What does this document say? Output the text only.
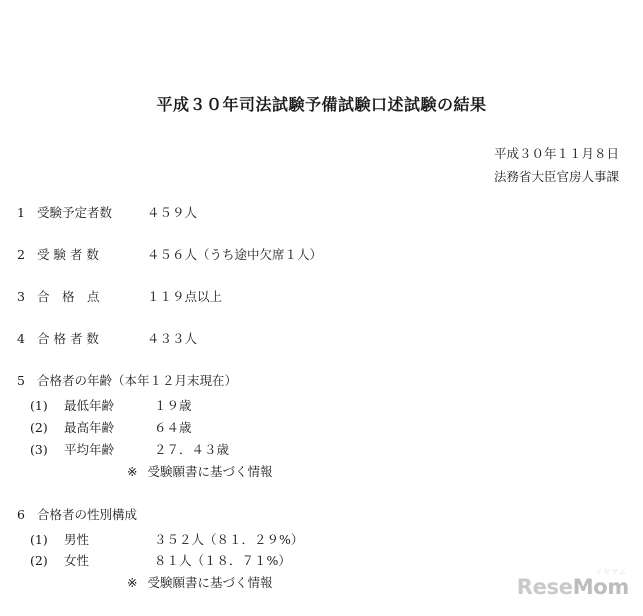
平成３０年司法試験予備試験口述試験の結果
平成３０年１１月８日
法務省大臣官房人事課
1 受験予定者数	４５９人
2 受 験 者 数	４５６人（うち途中欠席１人）
3 合　格　点	１１９点以上
4 合 格 者 数	４３３人
5 合格者の年齢（本年１２月末現在）
(1)	最低年齢	１９歳
(2)	最高年齢	６４歳
(3)	平均年齢	２７．４３歳
※ 受験願書に基づく情報
6 合格者の性別構成
(1)	男性	３５２人（８１．２９%）
(2)	女性	８１人（１８．７１%）
※ 受験願書に基づく情報
リセマム
ReseMom
